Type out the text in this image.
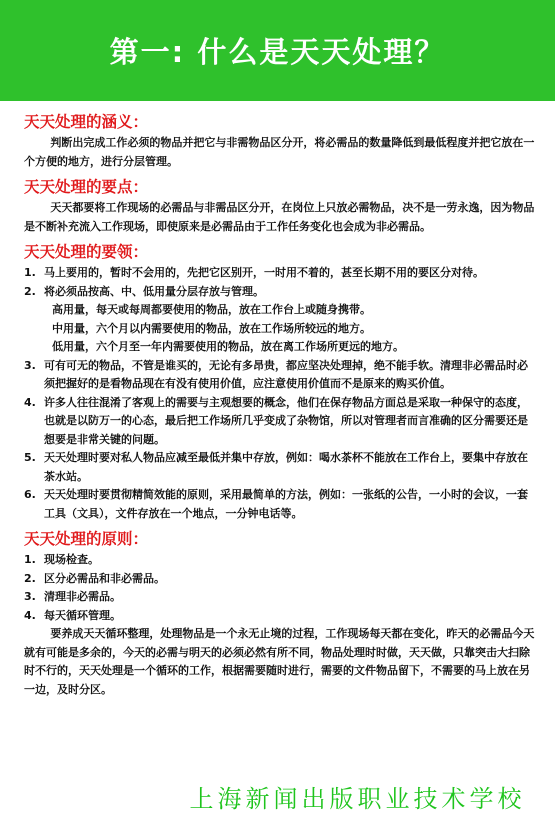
第一: 什么是天天处理？
天天处理的涵义：

判断出完成工作必须的物品并把它与非需物品区分开，将必需品的数量降低到最低程度并把它放在一个方便的地方，进行分层管理。

天天处理的要点：

天天都要将工作现场的必需品与非需品区分开，在岗位上只放必需物品，决不是一劳永逸，因为物品是不断补充流入工作现场，即使原来是必需品由于工作任务变化也会成为非必需品。

天天处理的要领：
1. 马上要用的，暂时不会用的，先把它区别开，一时用不着的，甚至长期不用的要区分对待。
2. 将必须品按高、中、低用量分层存放与管理。
高用量，每天或每周都要使用的物品，放在工作台上或随身携带。
中用量，六个月以内需要使用的物品，放在工作场所较远的地方。
低用量，六个月至一年内需要使用的物品，放在离工作场所更远的地方。
3. 可有可无的物品，不管是谁买的，无论有多昂贵，都应坚决处理掉，绝不能手软。清理非必需品时必须把握好的是看物品现在有没有使用价值，应注意使用价值而不是原来的购买价值。
4. 许多人往往混淆了客观上的需要与主观想要的概念，他们在保存物品方面总是采取一种保守的态度，也就是以防万一的心态，最后把工作场所几乎变成了杂物馆，所以对管理者而言准确的区分需要还是想要是非常关键的问题。
5. 天天处理时要对私人物品应减至最低并集中存放，例如：喝水茶杯不能放在工作台上，要集中存放在茶水站。
6. 天天处理时要贯彻精简效能的原则，采用最简单的方法，例如：一张纸的公告，一小时的会议，一套工具（文具），文件存放在一个地点，一分钟电话等。
天天处理的原则：
1. 现场检查。
2. 区分必需品和非必需品。
3. 清理非必需品。
4. 每天循环管理。

要养成天天循环整理，处理物品是一个永无止境的过程，工作现场每天都在变化，昨天的必需品今天就有可能是多余的，今天的必需与明天的必须必然有所不同，物品处理时时做，天天做，只靠突击大扫除时不行的，天天处理是一个循环的工作，根据需要随时进行，需要的文件物品留下，不需要的马上放在另一边，及时分区。

上海新闻出版职业技术学校
